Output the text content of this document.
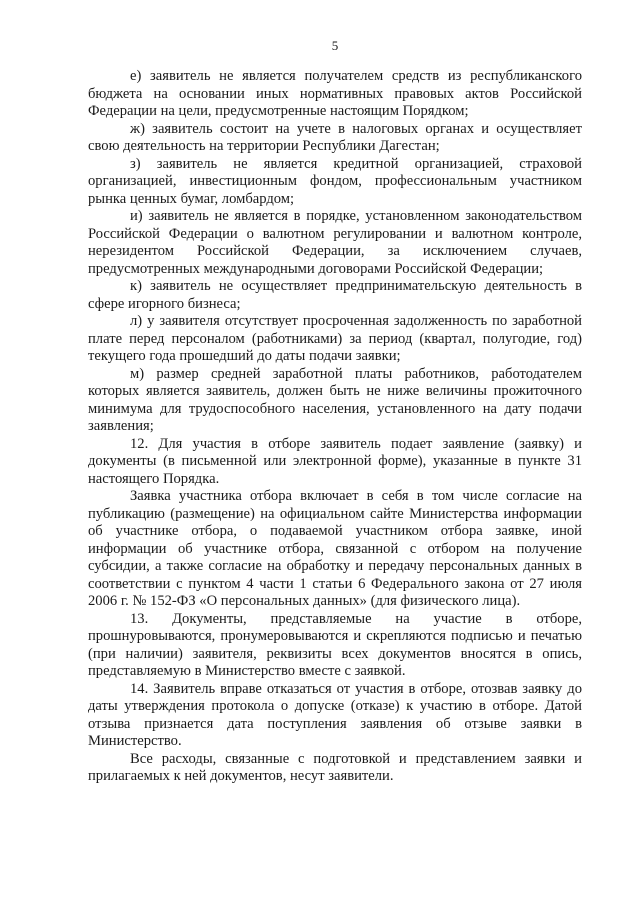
5

е) заявитель не является получателем средств из республиканского бюджета на основании иных нормативных правовых актов Российской Федерации на цели, предусмотренные настоящим Порядком;

ж) заявитель состоит на учете в налоговых органах и осуществляет свою деятельность на территории Республики Дагестан;

з) заявитель не является кредитной организацией, страховой организацией, инвестиционным фондом, профессиональным участником рынка ценных бумаг, ломбардом;

и) заявитель не является в порядке, установленном законодательством Российской Федерации о валютном регулировании и валютном контроле, нерезидентом Российской Федерации, за исключением случаев, предусмотренных международными договорами Российской Федерации;

к) заявитель не осуществляет предпринимательскую деятельность в сфере игорного бизнеса;

л) у заявителя отсутствует просроченная задолженность по заработной плате перед персоналом (работниками) за период (квартал, полугодие, год) текущего года прошедший до даты подачи заявки;

м) размер средней заработной платы работников, работодателем которых является заявитель, должен быть не ниже величины прожиточного минимума для трудоспособного населения, установленного на дату подачи заявления;

12. Для участия в отборе заявитель подает заявление (заявку) и документы (в письменной или электронной форме), указанные в пункте 31 настоящего Порядка.

Заявка участника отбора включает в себя в том числе согласие на публикацию (размещение) на официальном сайте Министерства информации об участнике отбора, о подаваемой участником отбора заявке, иной информации об участнике отбора, связанной с отбором на получение субсидии, а также согласие на обработку и передачу персональных данных в соответствии с пунктом 4 части 1 статьи 6 Федерального закона от 27 июля 2006 г. № 152-ФЗ «О персональных данных» (для физического лица).

13. Документы, представляемые на участие в отборе, прошнуровываются, пронумеровываются и скрепляются подписью и печатью (при наличии) заявителя, реквизиты всех документов вносятся в опись, представляемую в Министерство вместе с заявкой.

14. Заявитель вправе отказаться от участия в отборе, отозвав заявку до даты утверждения протокола о допуске (отказе) к участию в отборе. Датой отзыва признается дата поступления заявления об отзыве заявки в Министерство.

Все расходы, связанные с подготовкой и представлением заявки и прилагаемых к ней документов, несут заявители.
